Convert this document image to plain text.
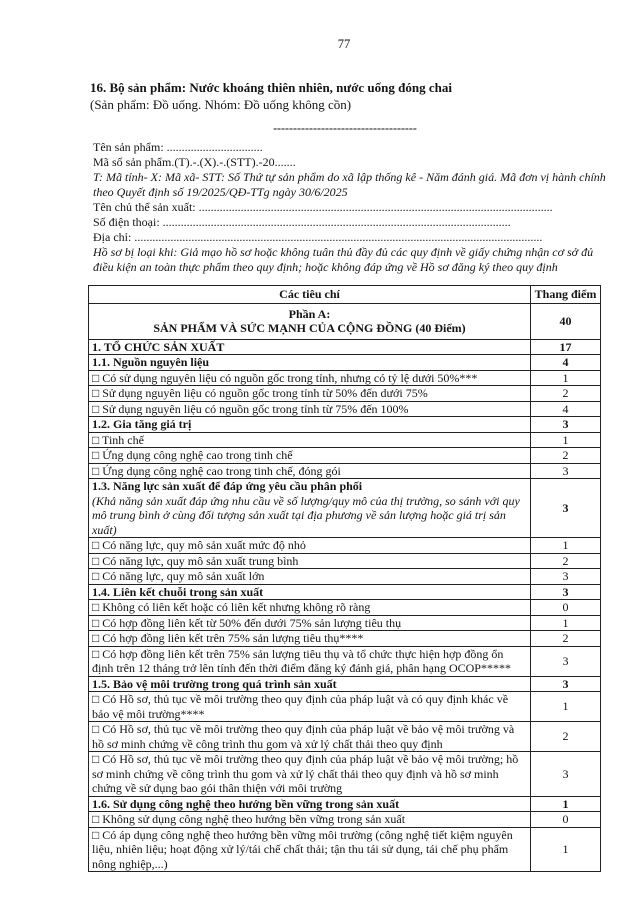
77
16. Bộ sản phẩm: Nước khoáng thiên nhiên, nước uống đóng chai
(Sản phẩm: Đồ uống. Nhóm: Đồ uống không cồn)
------------------------------------
Tên sản phẩm: ................................
Mã số sản phẩm.(T).-.(X).-.(STT).-20.......
T: Mã tỉnh- X: Mã xã- STT: Số Thứ tự sản phẩm do xã lập thống kê - Năm đánh giá. Mã đơn vị hành chính theo Quyết định số 19/2025/QĐ-TTg ngày 30/6/2025
Tên chủ thể sản xuất: ......................................................................................................................
Số điện thoại: ....................................................................................................................
Địa chỉ: ........................................................................................................................................
Hồ sơ bị loại khi: Giả mạo hồ sơ hoặc không tuân thủ đầy đủ các quy định về giấy chứng nhận cơ sở đủ điều kiện an toàn thực phẩm theo quy định; hoặc không đáp ứng về Hồ sơ đăng ký theo quy định
Các tiêu chí	Thang điểm

Phần A:
SẢN PHẨM VÀ SỨC MẠNH CỦA CỘNG ĐỒNG (40 Điểm)	40
1. TỔ CHỨC SẢN XUẤT	17
1.1. Nguồn nguyên liệu	4
□ Có sử dụng nguyên liệu có nguồn gốc trong tỉnh, nhưng có tỷ lệ dưới 50%***	1
□ Sử dụng nguyên liệu có nguồn gốc trong tỉnh từ 50% đến dưới 75%	2
□ Sử dụng nguyên liệu có nguồn gốc trong tỉnh từ 75% đến 100%	4
1.2. Gia tăng giá trị	3
□ Tinh chế	1
□ Ứng dụng công nghệ cao trong tinh chế	2
□ Ứng dụng công nghệ cao trong tinh chế, đóng gói	3

1.3. Năng lực sản xuất để đáp ứng yêu cầu phân phối
(Khả năng sản xuất đáp ứng nhu cầu về số lượng/quy mô của thị trường, so sánh với quy mô trung bình ở cùng đối tượng sản xuất tại địa phương về sản lượng hoặc giá trị sản xuất)	3
□ Có năng lực, quy mô sản xuất mức độ nhỏ	1
□ Có năng lực, quy mô sản xuất trung bình	2
□ Có năng lực, quy mô sản xuất lớn	3
1.4. Liên kết chuỗi trong sản xuất	3
□ Không có liên kết hoặc có liên kết nhưng không rõ ràng	0
□ Có hợp đồng liên kết từ 50% đến dưới 75% sản lượng tiêu thụ	1
□ Có hợp đồng liên kết trên 75% sản lượng tiêu thụ****	2
□ Có hợp đồng liên kết trên 75% sản lượng tiêu thụ và tổ chức thực hiện hợp đồng ổn định trên 12 tháng trở lên tính đến thời điểm đăng ký đánh giá, phân hạng OCOP*****	3
1.5. Bảo vệ môi trường trong quá trình sản xuất	3
□ Có Hồ sơ, thủ tục về môi trường theo quy định của pháp luật và có quy định khác về bảo vệ môi trường****	1
□ Có Hồ sơ, thủ tục về môi trường theo quy định của pháp luật về bảo vệ môi trường và hồ sơ minh chứng về công trình thu gom và xử lý chất thải theo quy định	2
□ Có Hồ sơ, thủ tục về môi trường theo quy định của pháp luật về bảo vệ môi trường; hồ sơ minh chứng về công trình thu gom và xử lý chất thải theo quy định và hồ sơ minh chứng về sử dụng bao gói thân thiện với môi trường	3
1.6. Sử dụng công nghệ theo hướng bền vững trong sản xuất	1
□ Không sử dụng công nghệ theo hướng bền vững trong sản xuất	0
□ Có áp dụng công nghệ theo hướng bền vững môi trường (công nghệ tiết kiệm nguyên liệu, nhiên liệu; hoạt động xử lý/tái chế chất thải; tận thu tái sử dụng, tái chế phụ phẩm nông nghiệp,...)	1
